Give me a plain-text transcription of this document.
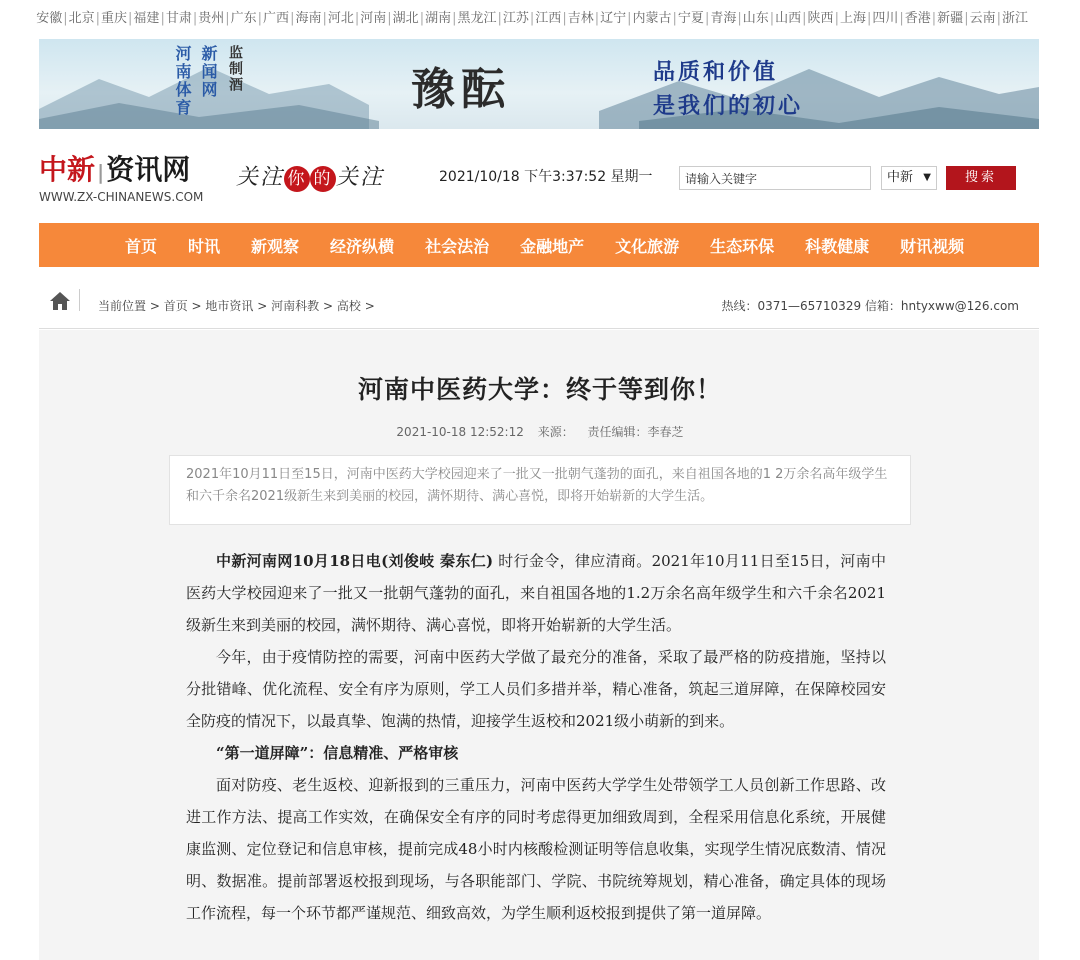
安徽|北京|重庆|福建|甘肃|贵州|广东|广西|海南|河北|河南|湖北|湖南|黑龙江|江苏|江西|吉林|辽宁|内蒙古|宁夏|青海|山东|山西|陕西|上海|四川|香港|新疆|云南|浙江
河南体育 新闻网 监制酒	豫酝	品质和价值
是我们的初心
中新 |资讯网
WWW.ZX-CHINANEWS.COM
关注 你 的 关注	2021/10/18 下午3:37:52 星期一
请输入关键字	中新 ▼	搜索
首页 时讯 新观察 经济纵横 社会法治 金融地产 文化旅游 生态环保 科教健康 财讯视频
当前位置 > 首页 > 地市资讯 > 河南科教 > 高校 >	热线：0371—65710329 信箱：hntyxww@126.com
河南中医药大学：终于等到你！
2021-10-18 12:52:12 来源： 责任编辑：李春芝
2021年10月11日至15日，河南中医药大学校园迎来了一批又一批朝气蓬勃的面孔，来自祖国各地的1 2万余名高年级学生和六千余名2021级新生来到美丽的校园，满怀期待、满心喜悦，即将开始崭新的大学生活。

中新河南网10月18日电(刘俊岐 秦东仁) 时行金令，律应清商。2021年10月11日至15日，河南中医药大学校园迎来了一批又一批朝气蓬勃的面孔，来自祖国各地的1.2万余名高年级学生和六千余名2021级新生来到美丽的校园，满怀期待、满心喜悦，即将开始崭新的大学生活。

今年，由于疫情防控的需要，河南中医药大学做了最充分的准备，采取了最严格的防疫措施，坚持以分批错峰、优化流程、安全有序为原则，学工人员们多措并举，精心准备，筑起三道屏障，在保障校园安全防疫的情况下，以最真挚、饱满的热情，迎接学生返校和2021级小萌新的到来。

“第一道屏障”：信息精准、严格审核

面对防疫、老生返校、迎新报到的三重压力，河南中医药大学学生处带领学工人员创新工作思路、改进工作方法、提高工作实效，在确保安全有序的同时考虑得更加细致周到，全程采用信息化系统，开展健康监测、定位登记和信息审核，提前完成48小时内核酸检测证明等信息收集，实现学生情况底数清、情况明、数据准。提前部署返校报到现场，与各职能部门、学院、书院统筹规划，精心准备，确定具体的现场工作流程，每一个环节都严谨规范、细致高效，为学生顺利返校报到提供了第一道屏障。
